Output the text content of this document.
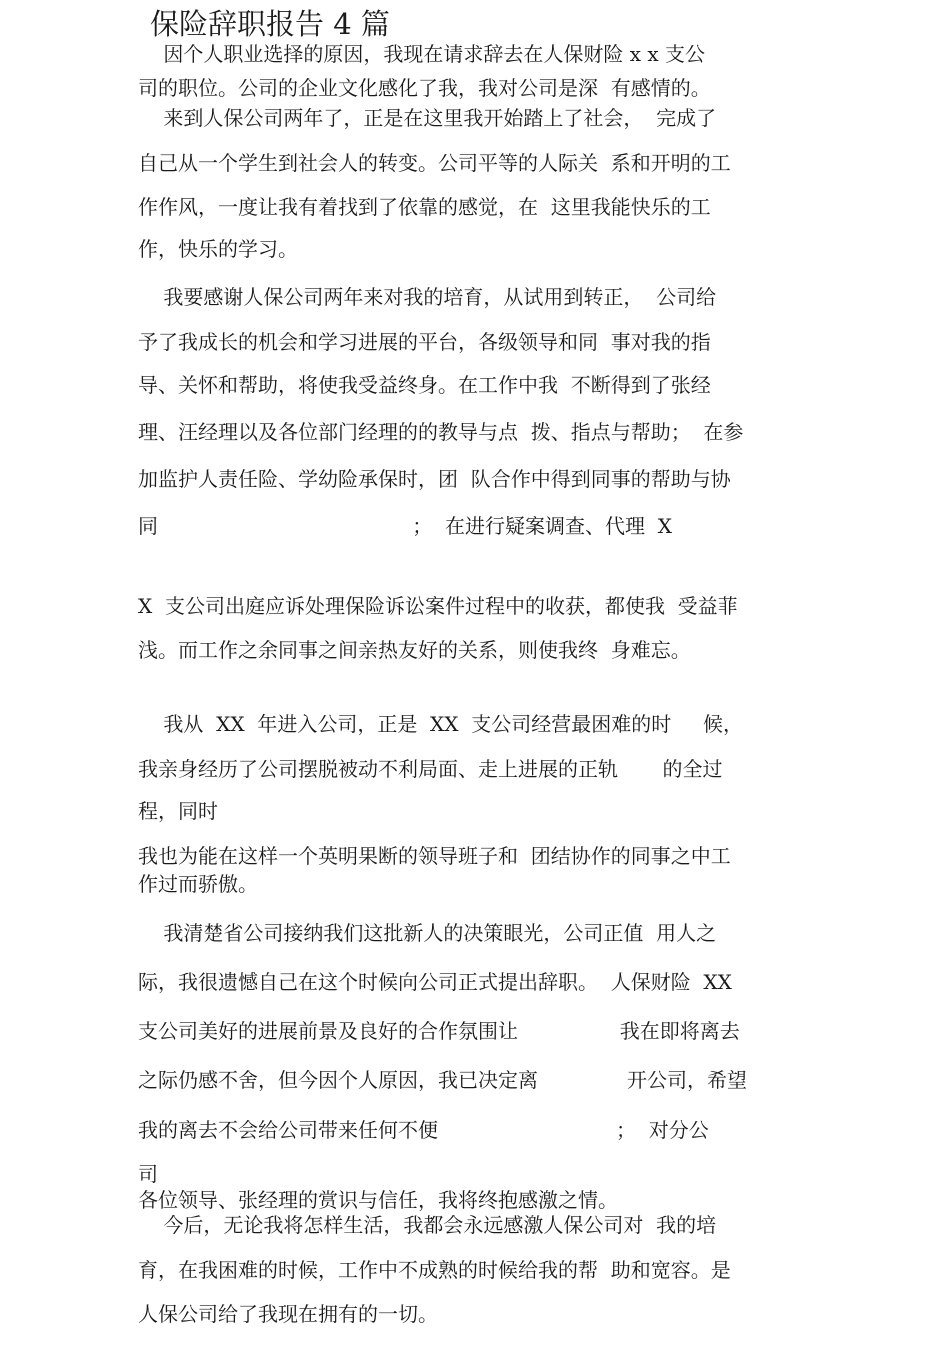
保险辞职报告 4 篇
因个人职业选择的原因，我现在请求辞去在人保财险 x x 支公
司的职位。公司的企业文化感化了我，我对公司是深  有感情的。
来到人保公司两年了，正是在这里我开始踏上了社会，  完成了
自己从一个学生到社会人的转变。公司平等的人际关  系和开明的工
作作风，一度让我有着找到了依靠的感觉，在  这里我能快乐的工
作，快乐的学习。
我要感谢人保公司两年来对我的培育，从试用到转正，  公司给
予了我成长的机会和学习进展的平台，各级领导和同  事对我的指
导、关怀和帮助，将使我受益终身。在工作中我  不断得到了张经
理、汪经理以及各位部门经理的的教导与点  拨、指点与帮助；  在参
加监护人责任险、学幼险承保时，团  队合作中得到同事的帮助与协
同                                        ；  在进行疑案调查、代理  X
X  支公司出庭应诉处理保险诉讼案件过程中的收获，都使我  受益菲
浅。而工作之余同事之间亲热友好的关系，则使我终  身难忘。
我从  XX  年进入公司，正是  XX  支公司经营最困难的时     候，
我亲身经历了公司摆脱被动不利局面、走上进展的正轨       的全过
程，同时
我也为能在这样一个英明果断的领导班子和  团结协作的同事之中工
作过而骄傲。
我清楚省公司接纳我们这批新人的决策眼光，公司正值  用人之
际，我很遗憾自己在这个时候向公司正式提出辞职。  人保财险  XX
支公司美好的进展前景及良好的合作氛围让                我在即将离去
之际仍感不舍，但今因个人原因，我已决定离              开公司，希望
我的离去不会给公司带来任何不便                            ；  对分公
司
各位领导、张经理的赏识与信任，我将终抱感激之情。
今后，无论我将怎样生活，我都会永远感激人保公司对  我的培
育，在我困难的时候，工作中不成熟的时候给我的帮  助和宽容。是
人保公司给了我现在拥有的一切。
